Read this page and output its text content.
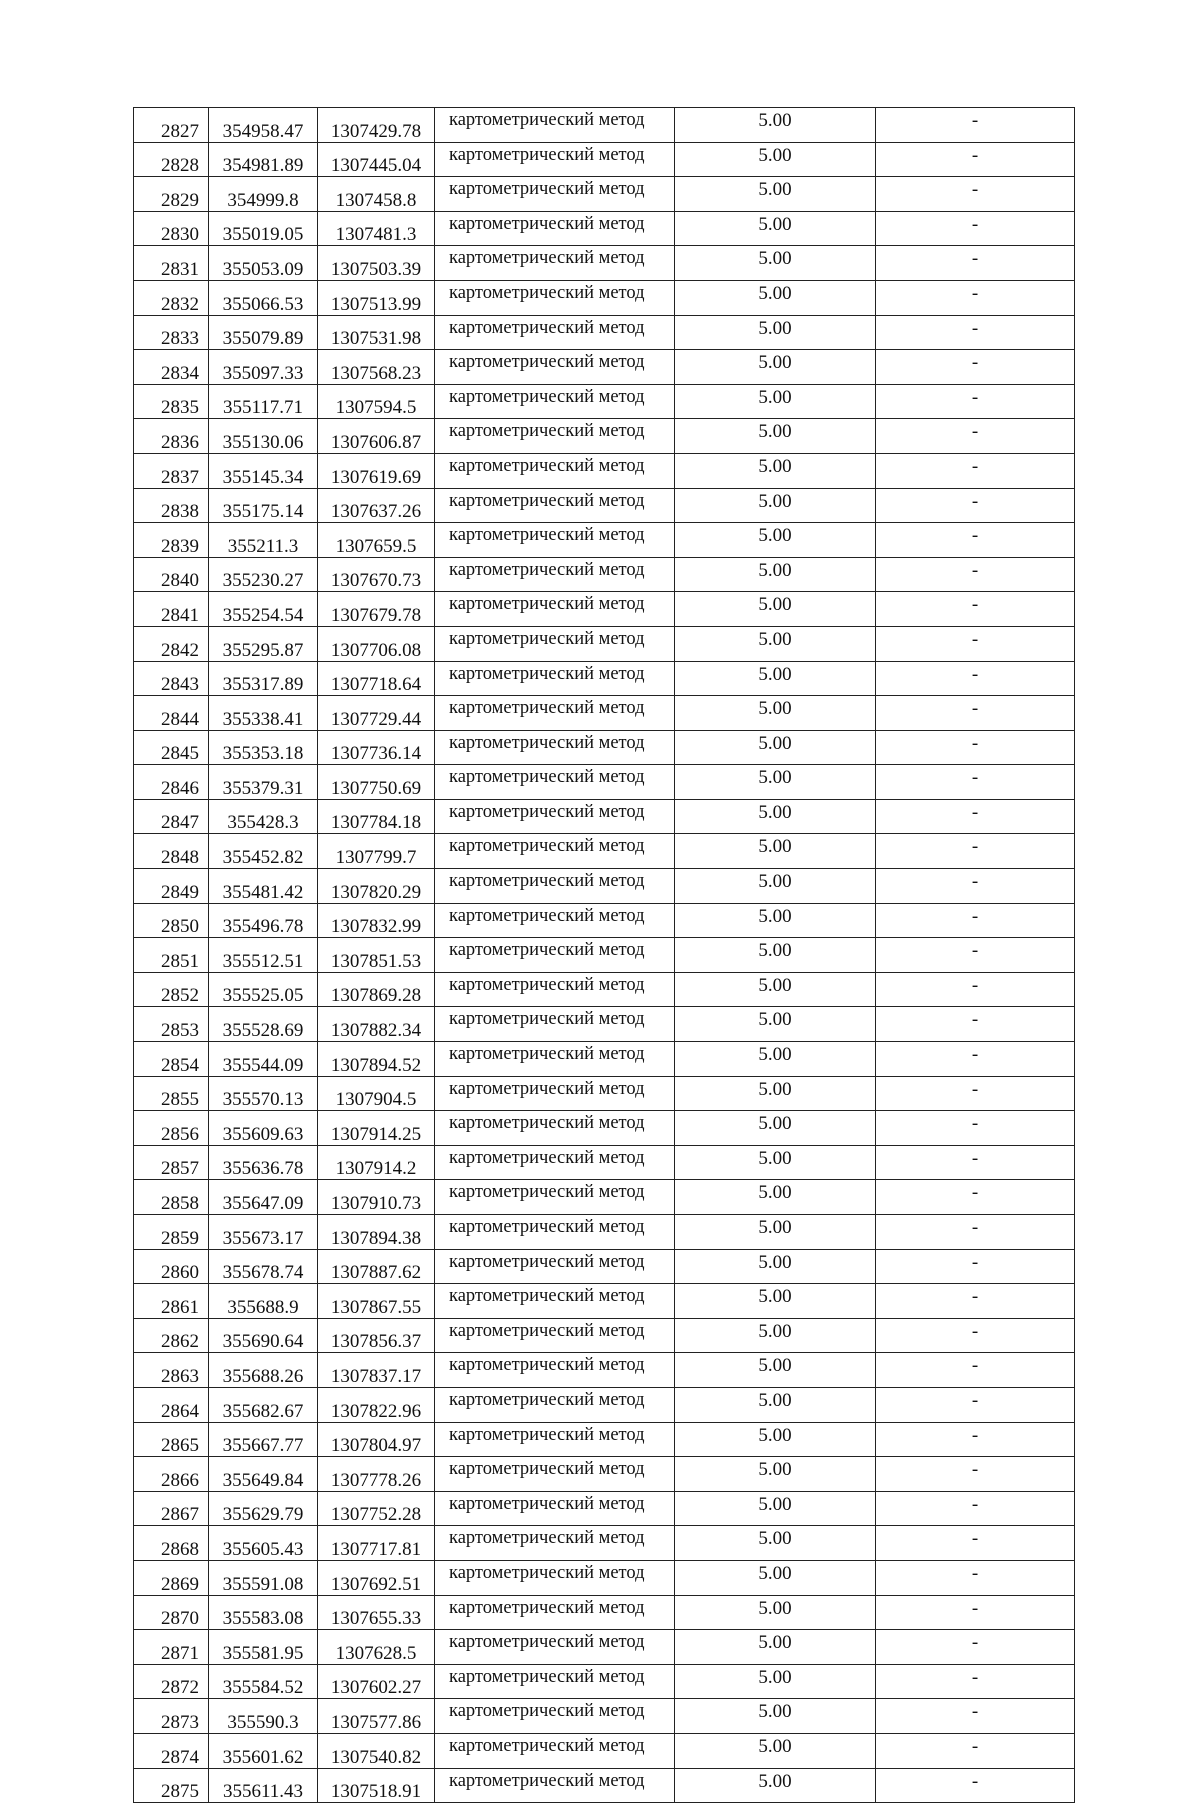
2827	354958.47	1307429.78	картометрический метод	5.00	-
2828	354981.89	1307445.04	картометрический метод	5.00	-
2829	354999.8	1307458.8	картометрический метод	5.00	-
2830	355019.05	1307481.3	картометрический метод	5.00	-
2831	355053.09	1307503.39	картометрический метод	5.00	-
2832	355066.53	1307513.99	картометрический метод	5.00	-
2833	355079.89	1307531.98	картометрический метод	5.00	-
2834	355097.33	1307568.23	картометрический метод	5.00	-
2835	355117.71	1307594.5	картометрический метод	5.00	-
2836	355130.06	1307606.87	картометрический метод	5.00	-
2837	355145.34	1307619.69	картометрический метод	5.00	-
2838	355175.14	1307637.26	картометрический метод	5.00	-
2839	355211.3	1307659.5	картометрический метод	5.00	-
2840	355230.27	1307670.73	картометрический метод	5.00	-
2841	355254.54	1307679.78	картометрический метод	5.00	-
2842	355295.87	1307706.08	картометрический метод	5.00	-
2843	355317.89	1307718.64	картометрический метод	5.00	-
2844	355338.41	1307729.44	картометрический метод	5.00	-
2845	355353.18	1307736.14	картометрический метод	5.00	-
2846	355379.31	1307750.69	картометрический метод	5.00	-
2847	355428.3	1307784.18	картометрический метод	5.00	-
2848	355452.82	1307799.7	картометрический метод	5.00	-
2849	355481.42	1307820.29	картометрический метод	5.00	-
2850	355496.78	1307832.99	картометрический метод	5.00	-
2851	355512.51	1307851.53	картометрический метод	5.00	-
2852	355525.05	1307869.28	картометрический метод	5.00	-
2853	355528.69	1307882.34	картометрический метод	5.00	-
2854	355544.09	1307894.52	картометрический метод	5.00	-
2855	355570.13	1307904.5	картометрический метод	5.00	-
2856	355609.63	1307914.25	картометрический метод	5.00	-
2857	355636.78	1307914.2	картометрический метод	5.00	-
2858	355647.09	1307910.73	картометрический метод	5.00	-
2859	355673.17	1307894.38	картометрический метод	5.00	-
2860	355678.74	1307887.62	картометрический метод	5.00	-
2861	355688.9	1307867.55	картометрический метод	5.00	-
2862	355690.64	1307856.37	картометрический метод	5.00	-
2863	355688.26	1307837.17	картометрический метод	5.00	-
2864	355682.67	1307822.96	картометрический метод	5.00	-
2865	355667.77	1307804.97	картометрический метод	5.00	-
2866	355649.84	1307778.26	картометрический метод	5.00	-
2867	355629.79	1307752.28	картометрический метод	5.00	-
2868	355605.43	1307717.81	картометрический метод	5.00	-
2869	355591.08	1307692.51	картометрический метод	5.00	-
2870	355583.08	1307655.33	картометрический метод	5.00	-
2871	355581.95	1307628.5	картометрический метод	5.00	-
2872	355584.52	1307602.27	картометрический метод	5.00	-
2873	355590.3	1307577.86	картометрический метод	5.00	-
2874	355601.62	1307540.82	картометрический метод	5.00	-
2875	355611.43	1307518.91	картометрический метод	5.00	-
